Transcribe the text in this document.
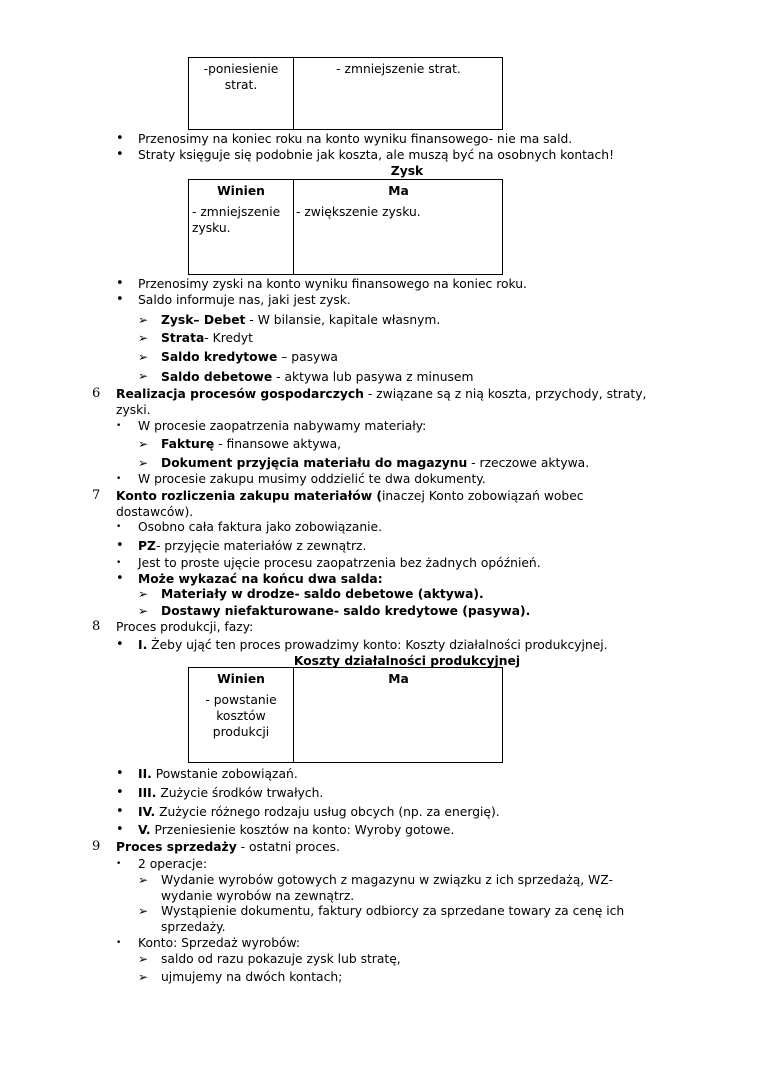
-poniesienie strat.
- zmniejszenie strat.
• Przenosimy na koniec roku na konto wyniku finansowego- nie ma sald.
• Straty księguje się podobnie jak koszta, ale muszą być na osobnych kontach!
Zysk
Winien	Ma
- zmniejszenie zysku.
- zwiększenie zysku.
• Przenosimy zyski na konto wyniku finansowego na koniec roku.
• Saldo informuje nas, jaki jest zysk.
➢ Zysk– Debet - W bilansie, kapitale własnym.
➢ Strata- Kredyt
➢ Saldo kredytowe – pasywa
➢ Saldo debetowe - aktywa lub pasywa z minusem
6 Realizacja procesów gospodarczych - związane są z nią koszta, przychody, straty, zyski.
• W procesie zaopatrzenia nabywamy materiały:
➢ Fakturę - finansowe aktywa,
➢ Dokument przyjęcia materiału do magazynu - rzeczowe aktywa.
• W procesie zakupu musimy oddzielić te dwa dokumenty.
7 Konto rozliczenia zakupu materiałów (inaczej Konto zobowiązań wobec dostawców).
• Osobno cała faktura jako zobowiązanie.
• PZ- przyjęcie materiałów z zewnątrz.
• Jest to proste ujęcie procesu zaopatrzenia bez żadnych opóźnień.
• Może wykazać na końcu dwa salda:
➢ Materiały w drodze- saldo debetowe (aktywa).
➢ Dostawy niefakturowane- saldo kredytowe (pasywa).
8 Proces produkcji, fazy:
• I. Żeby ująć ten proces prowadzimy konto: Koszty działalności produkcyjnej.
Koszty działalności produkcyjnej
Winien	Ma
- powstanie kosztów produkcji
• II. Powstanie zobowiązań.
• III. Zużycie środków trwałych.
• IV. Zużycie różnego rodzaju usług obcych (np. za energię).
• V. Przeniesienie kosztów na konto: Wyroby gotowe.
9 Proces sprzedaży - ostatni proces.
• 2 operacje:
➢ Wydanie wyrobów gotowych z magazynu w związku z ich sprzedażą, WZ- wydanie wyrobów na zewnątrz.
➢ Wystąpienie dokumentu, faktury odbiorcy za sprzedane towary za cenę ich sprzedaży.
• Konto: Sprzedaż wyrobów:
➢ saldo od razu pokazuje zysk lub stratę,
➢ ujmujemy na dwóch kontach;
